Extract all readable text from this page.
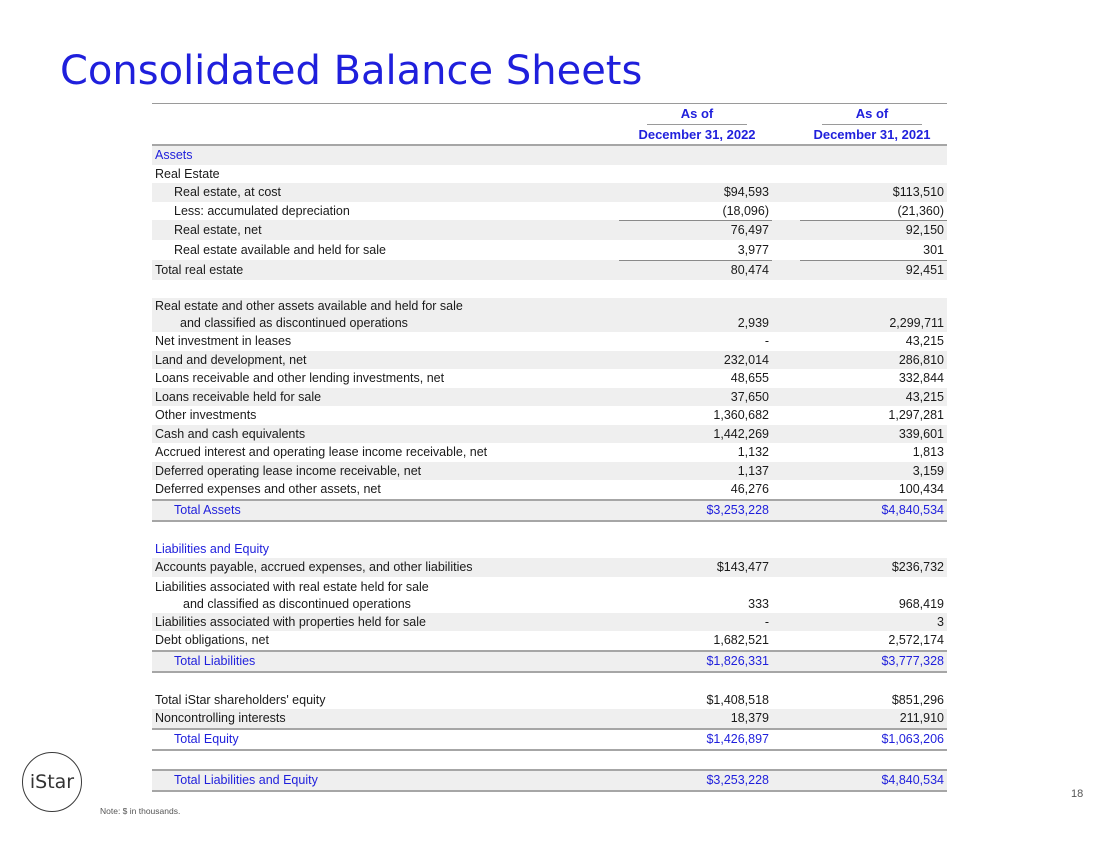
Consolidated Balance Sheets
As of
December 31, 2022
As of
December 31, 2021
Assets
Real Estate
Real estate, at cost	$94,593	$113,510
Less: accumulated depreciation	(18,096)	(21,360)
Real estate, net	76,497	92,150
Real estate available and held for sale	3,977	301
Total real estate	80,474	92,451
Real estate and other assets available and held for sale
and classified as discontinued operations	2,939	2,299,711
Net investment in leases	-	43,215
Land and development, net	232,014	286,810
Loans receivable and other lending investments, net	48,655	332,844
Loans receivable held for sale	37,650	43,215
Other investments	1,360,682	1,297,281
Cash and cash equivalents	1,442,269	339,601
Accrued interest and operating lease income receivable, net	1,132	1,813
Deferred operating lease income receivable, net	1,137	3,159
Deferred expenses and other assets, net	46,276	100,434
Total Assets	$3,253,228	$4,840,534
Liabilities and Equity
Accounts payable, accrued expenses, and other liabilities	$143,477	$236,732
Liabilities associated with real estate held for sale
and classified as discontinued operations	333	968,419
Liabilities associated with properties held for sale	-	3
Debt obligations, net	1,682,521	2,572,174
Total Liabilities	$1,826,331	$3,777,328
Total iStar shareholders' equity	$1,408,518	$851,296
Noncontrolling interests	18,379	211,910
Total Equity	$1,426,897	$1,063,206
Total Liabilities and Equity	$3,253,228	$4,840,534
iStar
Note: $ in thousands.
18
